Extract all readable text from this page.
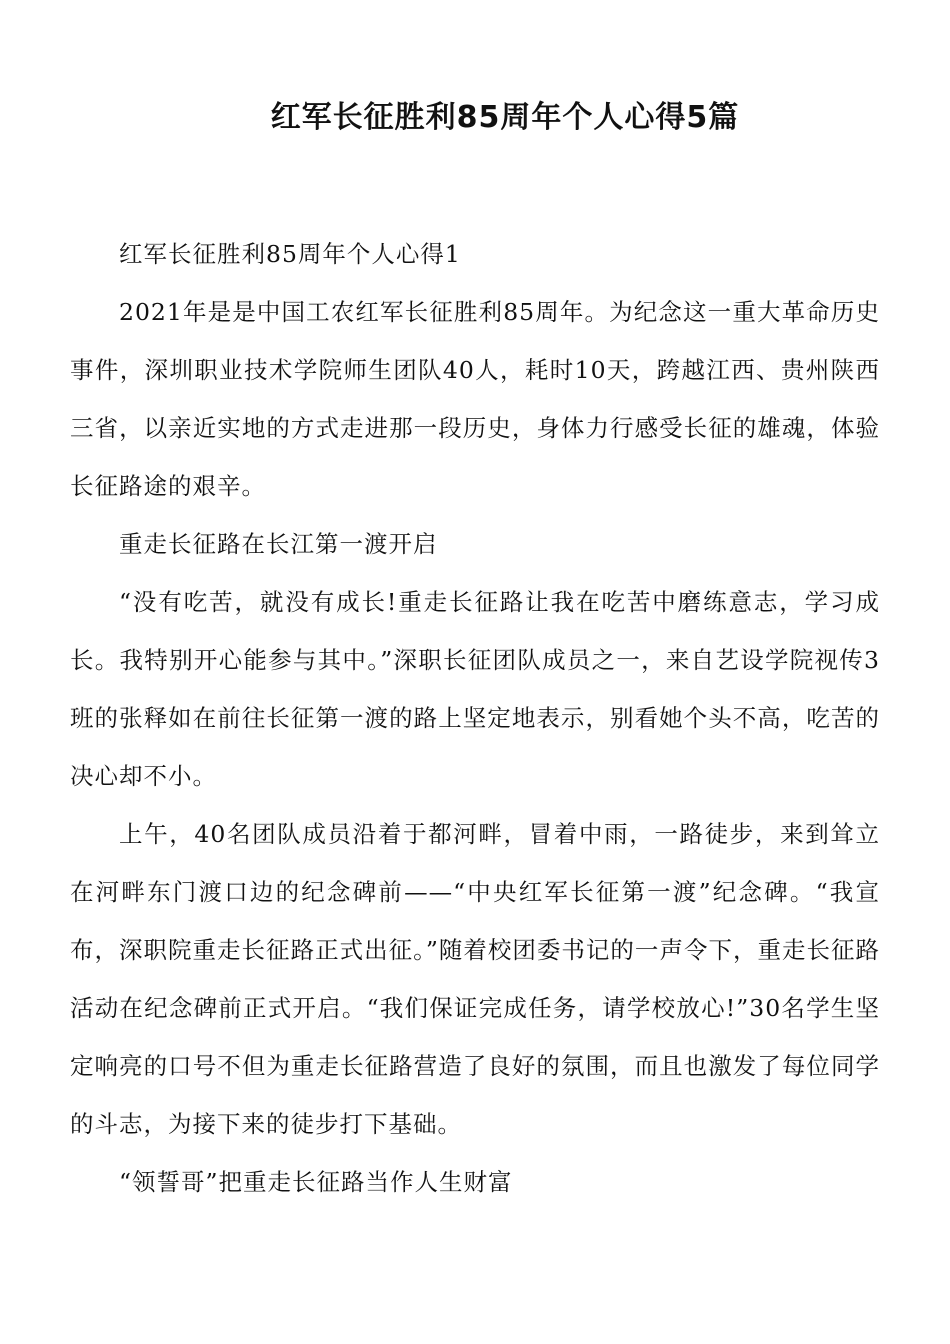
红军长征胜利85周年个人心得5篇

红军长征胜利85周年个人心得1

2021年是是中国工农红军长征胜利85周年。为纪念这一重大革命历史事件，深圳职业技术学院师生团队40人，耗时10天，跨越江西、贵州陕西三省，以亲近实地的方式走进那一段历史，身体力行感受长征的雄魂，体验长征路途的艰辛。

重走长征路在长江第一渡开启

“没有吃苦，就没有成长!重走长征路让我在吃苦中磨练意志，学习成长。我特别开心能参与其中。”深职长征团队成员之一，来自艺设学院视传3班的张释如在前往长征第一渡的路上坚定地表示，别看她个头不高，吃苦的决心却不小。

上午，40名团队成员沿着于都河畔，冒着中雨，一路徒步，来到耸立在河畔东门渡口边的纪念碑前——“中央红军长征第一渡”纪念碑。“我宣布，深职院重走长征路正式出征。”随着校团委书记的一声令下，重走长征路活动在纪念碑前正式开启。“我们保证完成任务，请学校放心!”30名学生坚定响亮的口号不但为重走长征路营造了良好的氛围，而且也激发了每位同学的斗志，为接下来的徒步打下基础。

“领誓哥”把重走长征路当作人生财富
